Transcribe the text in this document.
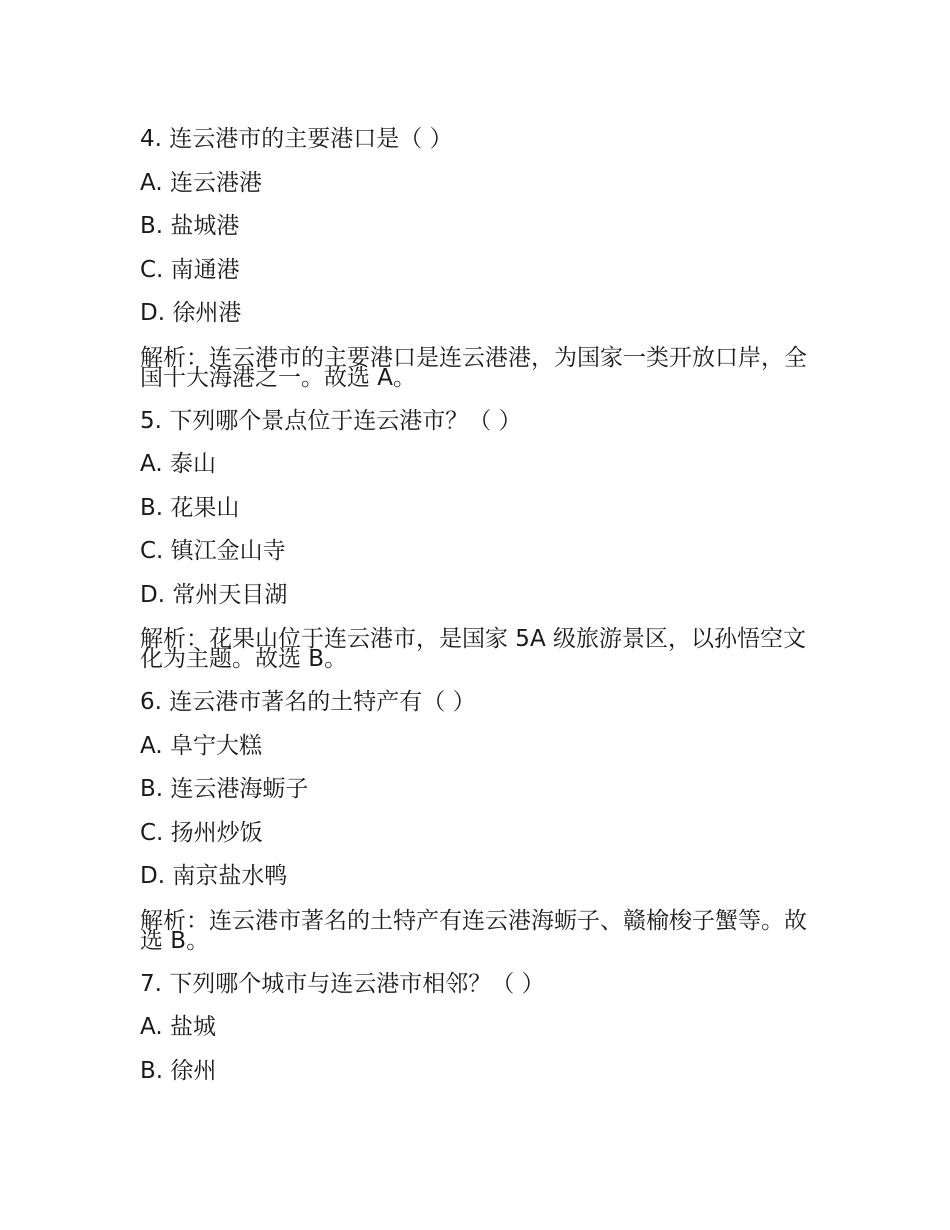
4. 连云港市的主要港口是（ ）
A. 连云港港
B. 盐城港
C. 南通港
D. 徐州港
解析：连云港市的主要港口是连云港港，为国家一类开放口岸，全国十大海港之一。故选 A。
5. 下列哪个景点位于连云港市？（ ）
A. 泰山
B. 花果山
C. 镇江金山寺
D. 常州天目湖
解析：花果山位于连云港市，是国家 5A 级旅游景区，以孙悟空文化为主题。故选 B。
6. 连云港市著名的土特产有（ ）
A. 阜宁大糕
B. 连云港海蛎子
C. 扬州炒饭
D. 南京盐水鸭
解析：连云港市著名的土特产有连云港海蛎子、赣榆梭子蟹等。故选 B。
7. 下列哪个城市与连云港市相邻？（ ）
A. 盐城
B. 徐州
